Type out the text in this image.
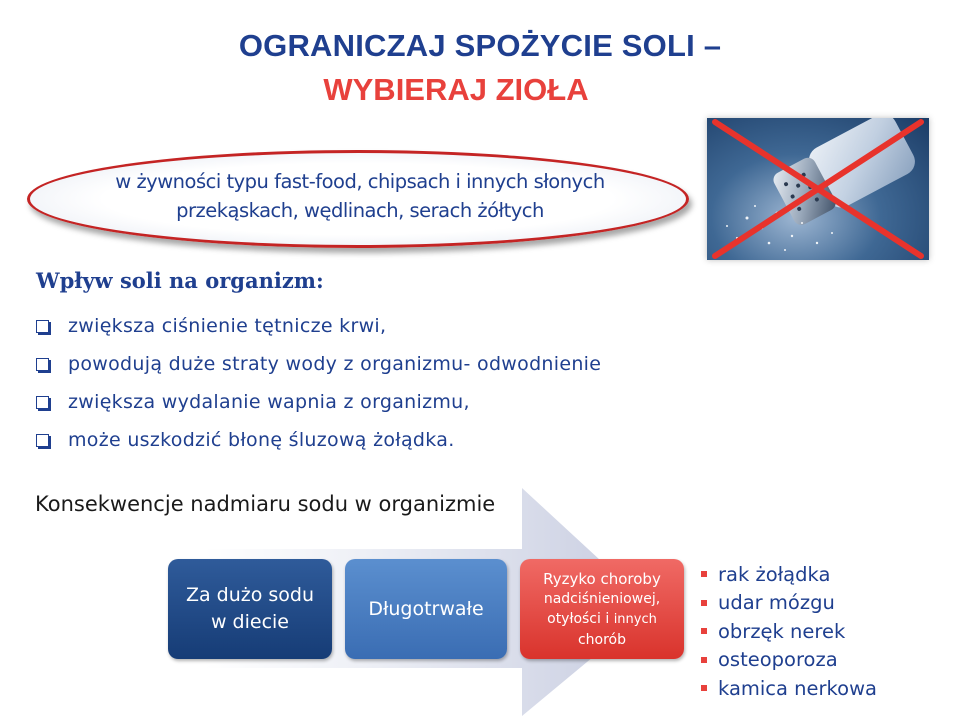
OGRANICZAJ SPOŻYCIE SOLI –
WYBIERAJ ZIOŁA
w żywności typu fast-food, chipsach i innych słonych
przekąskach, wędlinach, serach żółtych
Wpływ soli na organizm:
zwiększa ciśnienie tętnicze krwi,
powodują duże straty wody z organizmu- odwodnienie
zwiększa wydalanie wapnia z organizmu,
może uszkodzić błonę śluzową żołądka.
Konsekwencje nadmiaru sodu w organizmie
Za dużo sodu
w diecie
Długotrwałe
Ryzyko choroby
nadciśnieniowej,
otyłości i innych
chorób
rak żołądka
udar mózgu
obrzęk nerek
osteoporoza
kamica nerkowa
